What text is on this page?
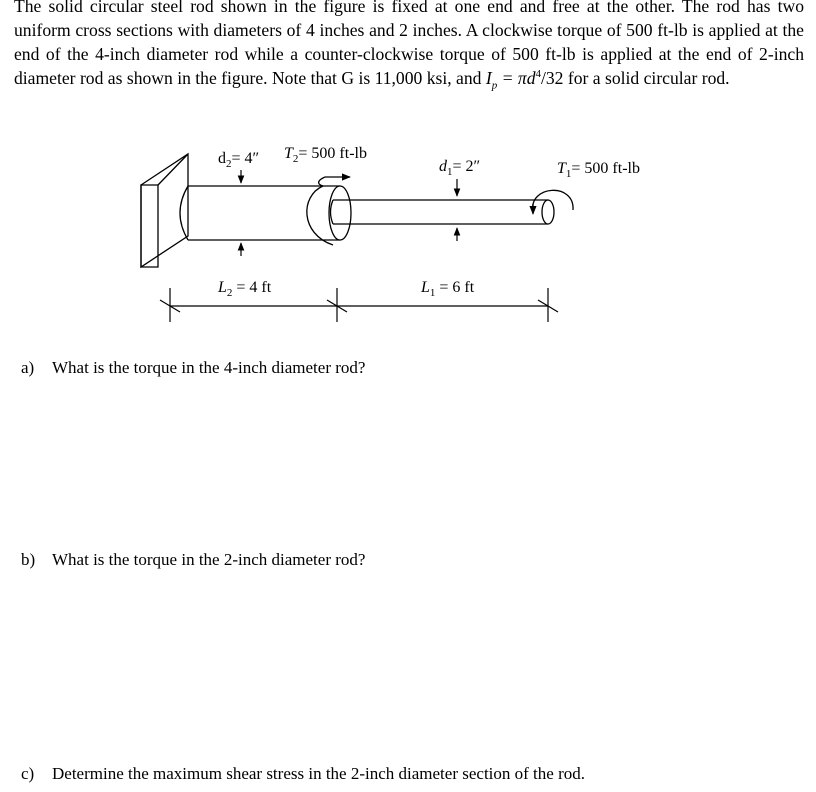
The solid circular steel rod shown in the figure is fixed at one end and free at the other. The rod has two uniform cross sections with diameters of 4 inches and 2 inches. A clockwise torque of 500 ft-lb is applied at the end of the 4-inch diameter rod while a counter-clockwise torque of 500 ft-lb is applied at the end of 2-inch diameter rod as shown in the figure. Note that G is 11,000 ksi, and $I_p = \pi d^4/32$ for a solid circular rod.

$d_2= 4''$ $T_2= 500$ ft-lb
$d_1= 2''$	$T_1= 500$ ft-lb
$L_2 = 4$ ft	$L_1 = 6$ ft

a) What is the torque in the 4-inch diameter rod?

b) What is the torque in the 2-inch diameter rod?

c) Determine the maximum shear stress in the 2-inch diameter section of the rod.
